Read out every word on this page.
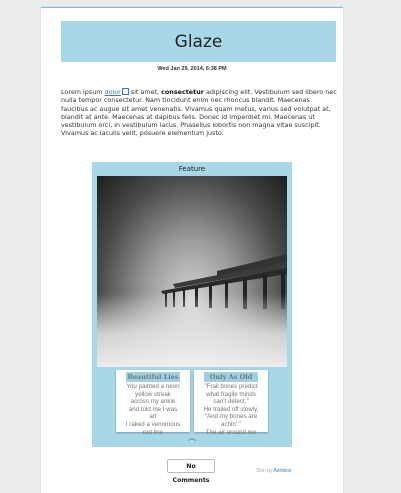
Glaze
Wed Jan 29, 2014, 6:38 PM
Lorem ipsum dolor sit amet, consectetur adipiscing elit. Vestibulum sed libero nec nulla tempor consectetur. Nam tincidunt enim nec rhoncus blandit. Maecenas faucibus ac augue sit amet venenatis. Vivamus quam metus, varius sed volutpat at, blandit at ante. Maecenas at dapibus felis. Donec id imperdiet mi. Maecenas ut vestibulum orci, in vestibulum lacus. Phasellus lobortis non magna vitae suscipit. Vivamus ac iaculis velit, posuere elementum justo.
Feature
Beautiful Lies
You painted a neon
yellow streak
across my ankle
and told me I was
art
I raked a venomous
red line
Only As Old
"Frail bones predict
what fragile minds
can't detect,"
He trailed off slowly,
"And my bones are
achin'."
The air around me
෴
No Comments
Skin by Astrikos
